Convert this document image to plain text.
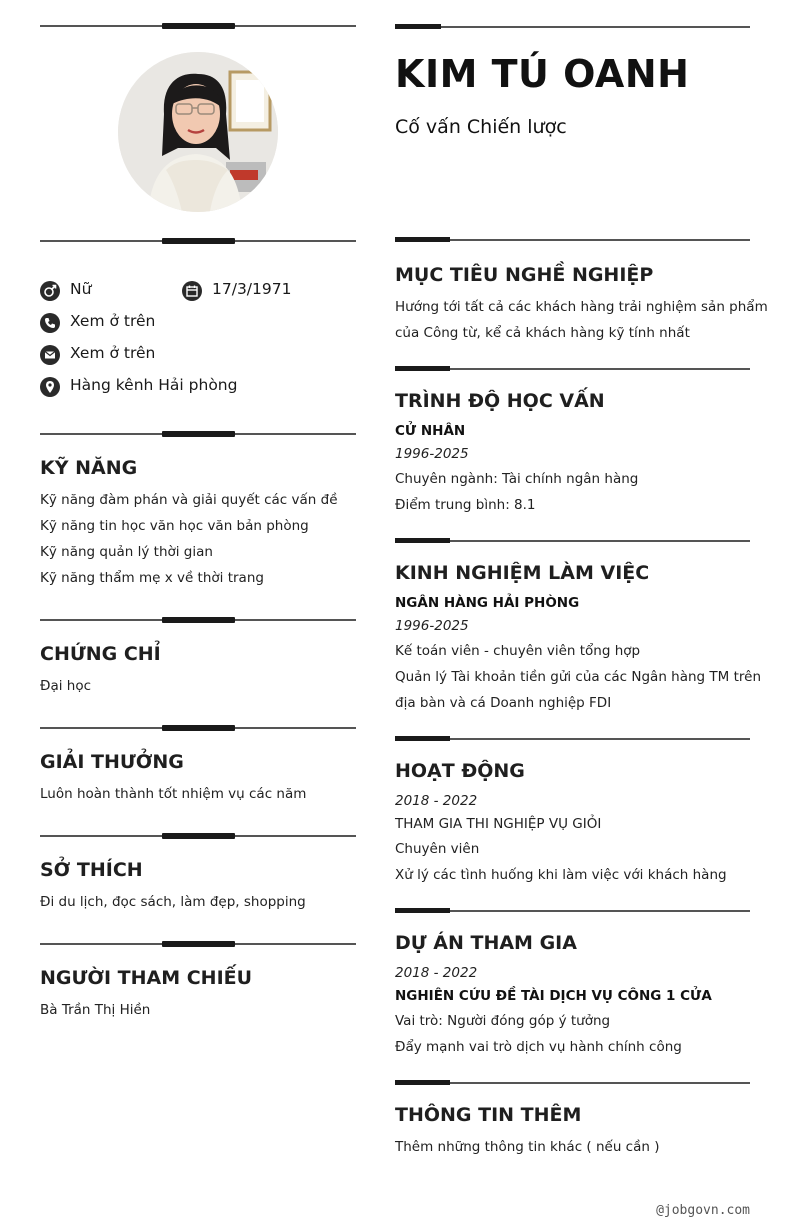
Nữ	17/3/1971
Xem ở trên
Xem ở trên
Hàng kênh Hải phòng
KỸ NĂNG
Kỹ năng đàm phán và giải quyết các vấn đề
Kỹ năng tin học văn học văn bản phòng
Kỹ năng quản lý thời gian
Kỹ năng thẩm mẹ x về thời trang
CHỨNG CHỈ
Đại học
GIẢI THƯỞNG
Luôn hoàn thành tốt nhiệm vụ các năm
SỞ THÍCH
Đi du lịch, đọc sách, làm đẹp, shopping
NGƯỜI THAM CHIẾU
Bà Trần Thị Hiền
KIM TÚ OANH
Cố vấn Chiến lược
MỤC TIÊU NGHỀ NGHIỆP
Hướng tới tất cả các khách hàng trải nghiệm sản phẩm
của Công từ, kể cả khách hàng kỹ tính nhất
TRÌNH ĐỘ HỌC VẤN
CỬ NHÂN
1996-2025
Chuyên ngành: Tài chính ngân hàng
Điểm trung bình: 8.1
KINH NGHIỆM LÀM VIỆC
NGÂN HÀNG HẢI PHÒNG
1996-2025
Kế toán viên - chuyên viên tổng hợp
Quản lý Tài khoản tiền gửi của các Ngân hàng TM trên
địa bàn và cá Doanh nghiệp FDI
HOẠT ĐỘNG
2018 - 2022
THAM GIA THI NGHIỆP VỤ GIỎI
Chuyên viên
Xử lý các tình huống khi làm việc với khách hàng
DỰ ÁN THAM GIA
2018 - 2022
NGHIÊN CỨU ĐỀ TÀI DỊCH VỤ CÔNG 1 CỬA
Vai trò: Người đóng góp ý tưởng
Đẩy mạnh vai trò dịch vụ hành chính công
THÔNG TIN THÊM
Thêm những thông tin khác ( nếu cần )
@jobgovn.com
